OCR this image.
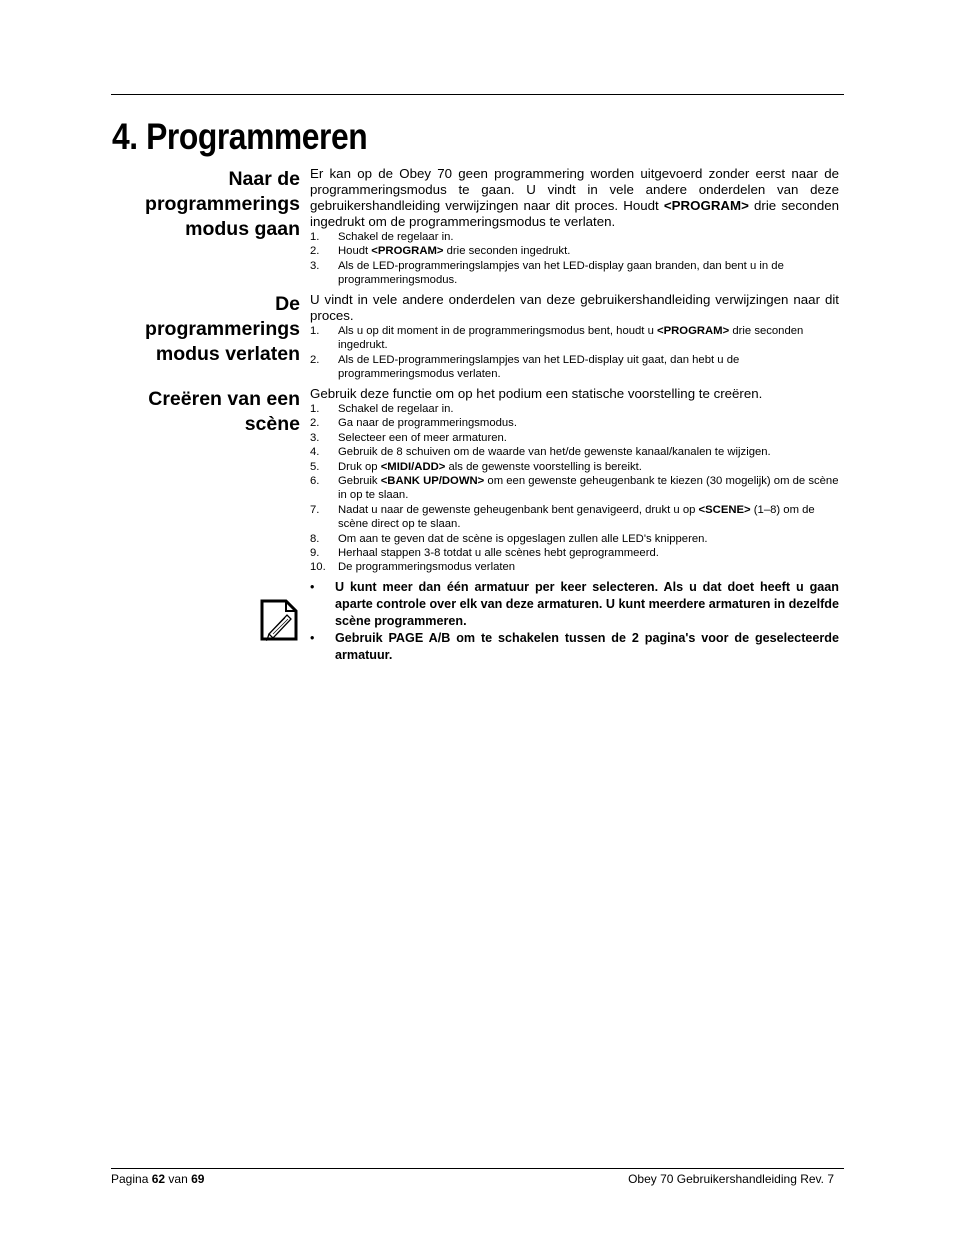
4. Programmeren
Naar de
programmerings
modus gaan

Er kan op de Obey 70 geen programmering worden uitgevoerd zonder eerst naar de programmeringsmodus te gaan. U vindt in vele andere onderdelen van deze gebruikershandleiding verwijzingen naar dit proces. Houdt <PROGRAM> drie seconden ingedrukt om de programmeringsmodus te verlaten.

1. Schakel de regelaar in.
2. Houdt <PROGRAM> drie seconden ingedrukt.
3. Als de LED-programmeringslampjes van het LED-display gaan branden, dan bent u in de programmeringsmodus.
De
programmerings
modus verlaten

U vindt in vele andere onderdelen van deze gebruikershandleiding verwijzingen naar dit proces.

1. Als u op dit moment in de programmeringsmodus bent, houdt u <PROGRAM> drie seconden ingedrukt.
2. Als de LED-programmeringslampjes van het LED-display uit gaat, dan hebt u de programmeringsmodus verlaten.
Creëren van een
scène

Gebruik deze functie om op het podium een statische voorstelling te creëren.

1. Schakel de regelaar in.
2. Ga naar de programmeringsmodus.
3. Selecteer een of meer armaturen.
4. Gebruik de 8 schuiven om de waarde van het/de gewenste kanaal/kanalen te wijzigen.
5. Druk op <MIDI/ADD> als de gewenste voorstelling is bereikt.
6. Gebruik <BANK UP/DOWN> om een gewenste geheugenbank te kiezen (30 mogelijk) om de scène in op te slaan.
7. Nadat u naar de gewenste geheugenbank bent genavigeerd, drukt u op <SCENE> (1–8) om de scène direct op te slaan.
8. Om aan te geven dat de scène is opgeslagen zullen alle LED's knipperen.
9. Herhaal stappen 3-8 totdat u alle scènes hebt geprogrammeerd.
10. De programmeringsmodus verlaten
• U kunt meer dan één armatuur per keer selecteren. Als u dat doet heeft u gaan aparte controle over elk van deze armaturen. U kunt meerdere armaturen in dezelfde scène programmeren.
• Gebruik PAGE A/B om te schakelen tussen de 2 pagina's voor de geselecteerde armatuur.
Pagina 62 van 69	Obey 70 Gebruikershandleiding Rev. 7
